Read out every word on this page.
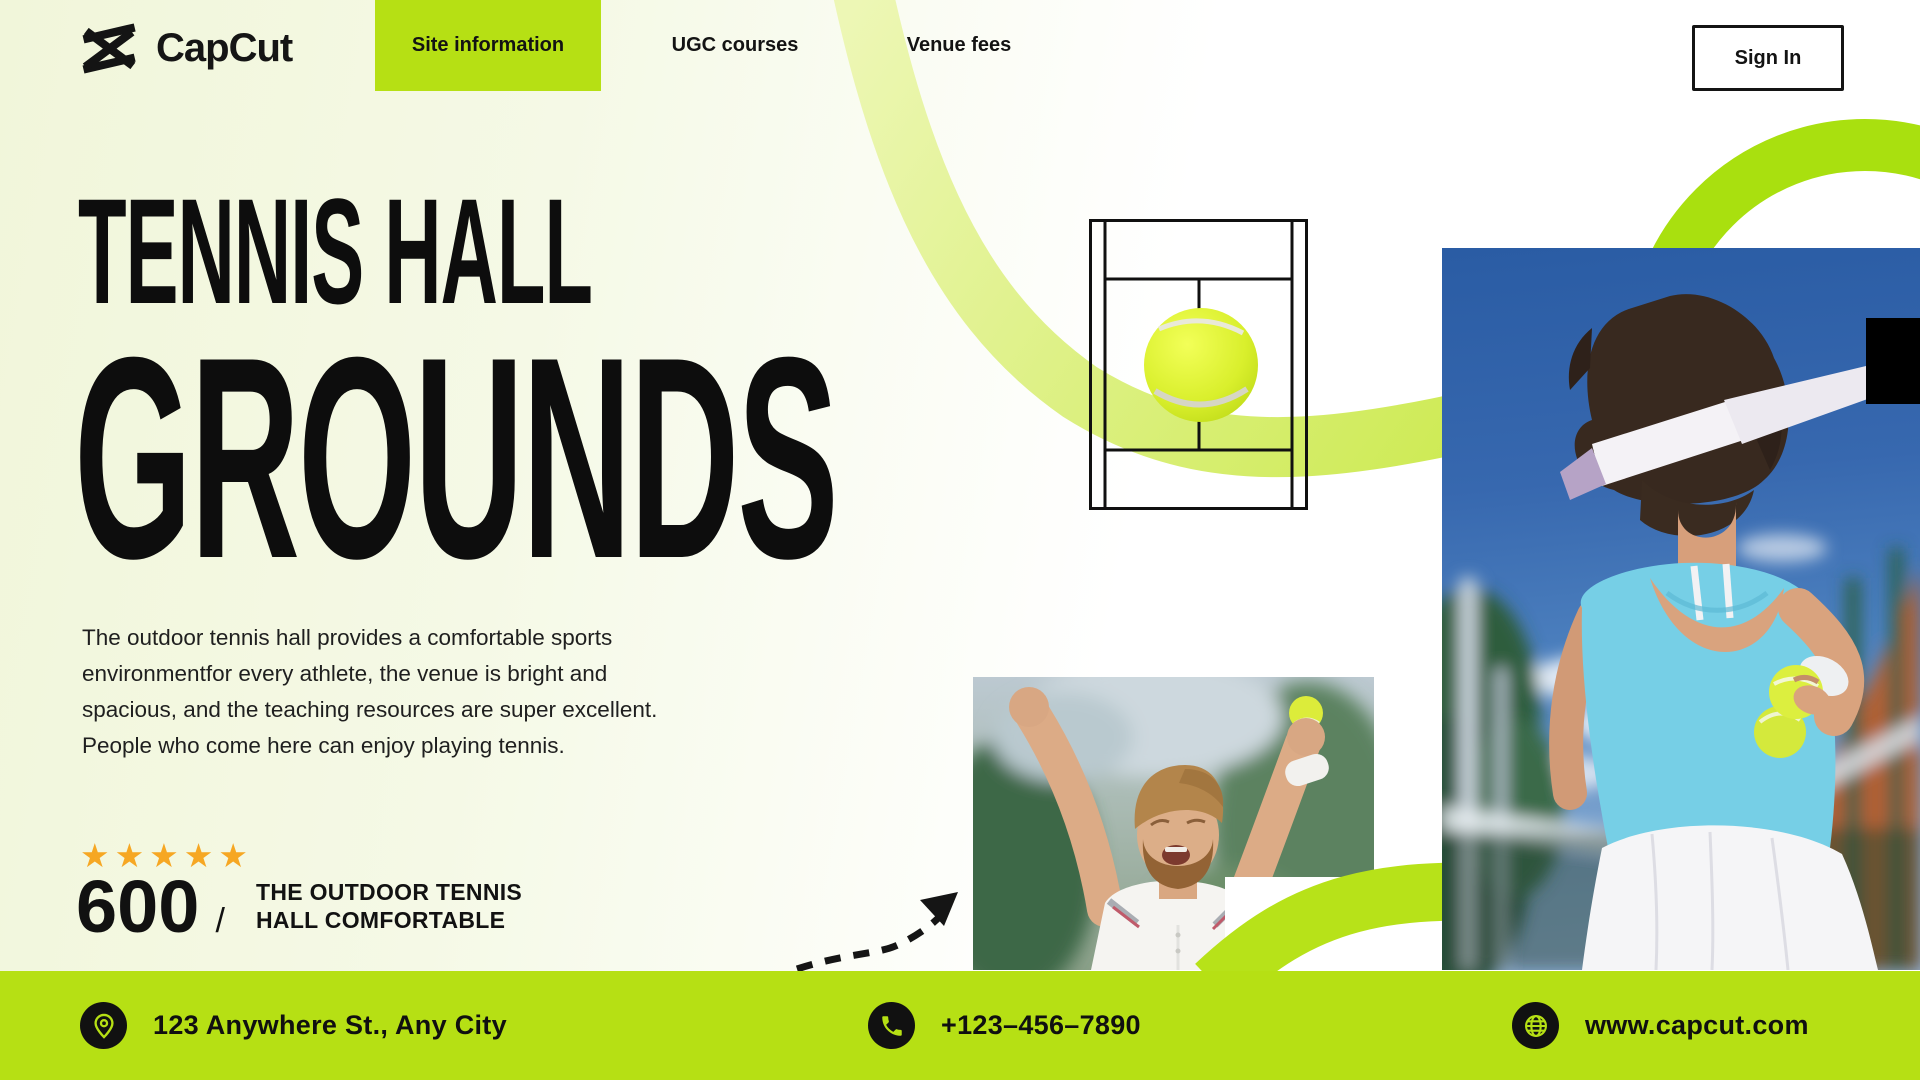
CapCut	Site information	UGC courses	Venue fees
Sign In
TENNIS HALL
GROUNDS
The outdoor tennis hall provides a comfortable sports environmentfor every athlete, the venue is bright and spacious, and the teaching resources are super excellent. People who come here can enjoy playing tennis.
★★★★★
600 /
THE OUTDOOR TENNIS
HALL COMFORTABLE
123 Anywhere St., Any City	+123–456–7890	www.capcut.com
